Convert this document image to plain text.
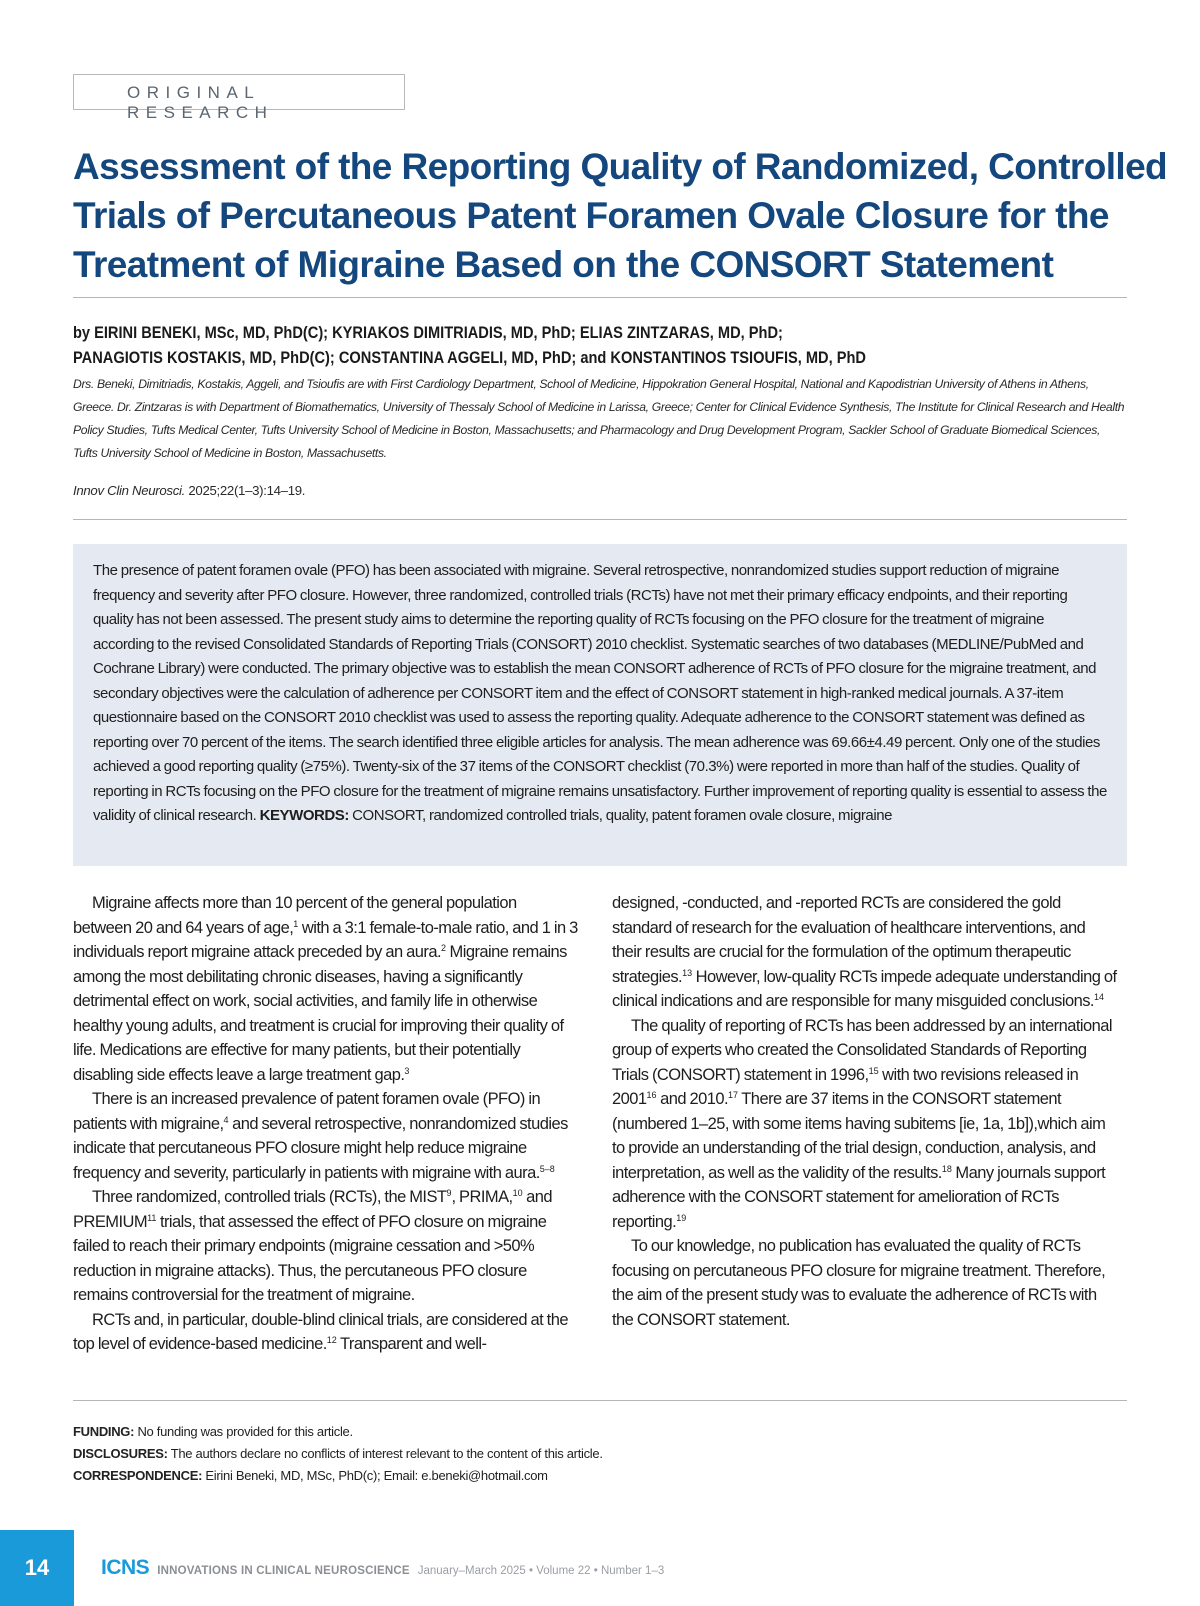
ORIGINAL RESEARCH
Assessment of the Reporting Quality of Randomized, Controlled Trials of Percutaneous Patent Foramen Ovale Closure for the Treatment of Migraine Based on the CONSORT Statement
by EIRINI BENEKI, MSc, MD, PhD(C); KYRIAKOS DIMITRIADIS, MD, PhD; ELIAS ZINTZARAS, MD, PhD;
PANAGIOTIS KOSTAKIS, MD, PhD(C); CONSTANTINA AGGELI, MD, PhD; and KONSTANTINOS TSIOUFIS, MD, PhD
Drs. Beneki, Dimitriadis, Kostakis, Aggeli, and Tsioufis are with First Cardiology Department, School of Medicine, Hippokration General Hospital, National and Kapodistrian University of Athens in Athens, Greece. Dr. Zintzaras is with Department of Biomathematics, University of Thessaly School of Medicine in Larissa, Greece; Center for Clinical Evidence Synthesis, The Institute for Clinical Research and Health Policy Studies, Tufts Medical Center, Tufts University School of Medicine in Boston, Massachusetts; and Pharmacology and Drug Development Program, Sackler School of Graduate Biomedical Sciences, Tufts University School of Medicine in Boston, Massachusetts.
Innov Clin Neurosci. 2025;22(1–3):14–19.
The presence of patent foramen ovale (PFO) has been associated with migraine. Several retrospective, nonrandomized studies support reduction of migraine frequency and severity after PFO closure. However, three randomized, controlled trials (RCTs) have not met their primary efficacy endpoints, and their reporting quality has not been assessed. The present study aims to determine the reporting quality of RCTs focusing on the PFO closure for the treatment of migraine according to the revised Consolidated Standards of Reporting Trials (CONSORT) 2010 checklist. Systematic searches of two databases (MEDLINE/PubMed and Cochrane Library) were conducted. The primary objective was to establish the mean CONSORT adherence of RCTs of PFO closure for the migraine treatment, and secondary objectives were the calculation of adherence per CONSORT item and the effect of CONSORT statement in high-ranked medical journals. A 37-item questionnaire based on the CONSORT 2010 checklist was used to assess the reporting quality. Adequate adherence to the CONSORT statement was defined as reporting over 70 percent of the items. The search identified three eligible articles for analysis. The mean adherence was 69.66±4.49 percent. Only one of the studies achieved a good reporting quality (≥75%). Twenty-six of the 37 items of the CONSORT checklist (70.3%) were reported in more than half of the studies. Quality of reporting in RCTs focusing on the PFO closure for the treatment of migraine remains unsatisfactory. Further improvement of reporting quality is essential to assess the validity of clinical research. KEYWORDS: CONSORT, randomized controlled trials, quality, patent foramen ovale closure, migraine

Migraine affects more than 10 percent of the general population between 20 and 64 years of age,$^1$ with a 3:1 female-to-male ratio, and 1 in 3 individuals report migraine attack preceded by an aura.$^2$ Migraine remains among the most debilitating chronic diseases, having a significantly detrimental effect on work, social activities, and family life in otherwise healthy young adults, and treatment is crucial for improving their quality of life. Medications are effective for many patients, but their potentially disabling side effects leave a large treatment gap.$^3$

There is an increased prevalence of patent foramen ovale (PFO) in patients with migraine,$^4$ and several retrospective, nonrandomized studies indicate that percutaneous PFO closure might help reduce migraine frequency and severity, particularly in patients with migraine with aura.$^{5-8}$

Three randomized, controlled trials (RCTs), the MIST$^9$, PRIMA,$^{10}$ and PREMIUM$^{11}$ trials, that assessed the effect of PFO closure on migraine failed to reach their primary endpoints (migraine cessation and >50% reduction in migraine attacks). Thus, the percutaneous PFO closure remains controversial for the treatment of migraine.

RCTs and, in particular, double-blind clinical trials, are considered at the top level of evidence-based medicine.$^{12}$ Transparent and well-

designed, -conducted, and -reported RCTs are considered the gold standard of research for the evaluation of healthcare interventions, and their results are crucial for the formulation of the optimum therapeutic strategies.$^{13}$ However, low-quality RCTs impede adequate understanding of clinical indications and are responsible for many misguided conclusions.$^{14}$

The quality of reporting of RCTs has been addressed by an international group of experts who created the Consolidated Standards of Reporting Trials (CONSORT) statement in 1996,15 with two revisions released in 2001$^{16}$ and 2010.17 There are 37 items in the CONSORT statement (numbered 1–25, with some items having subitems [ie, 1a, 1b]),which aim to provide an understanding of the trial design, conduction, analysis, and interpretation, as well as the validity of the results.$^{18}$ Many journals support adherence with the CONSORT statement for amelioration of RCTs reporting.$^{19}$

To our knowledge, no publication has evaluated the quality of RCTs focusing on percutaneous PFO closure for migraine treatment. Therefore, the aim of the present study was to evaluate the adherence of RCTs with the CONSORT statement.

FUNDING: No funding was provided for this article.
DISCLOSURES: The authors declare no conflicts of interest relevant to the content of this article.
CORRESPONDENCE: Eirini Beneki, MD, MSc, PhD(c); Email: e.beneki@hotmail.com
14	ICNS INNOVATIONS IN CLINICAL NEUROSCIENCE January–March 2025 • Volume 22 • Number 1–3
